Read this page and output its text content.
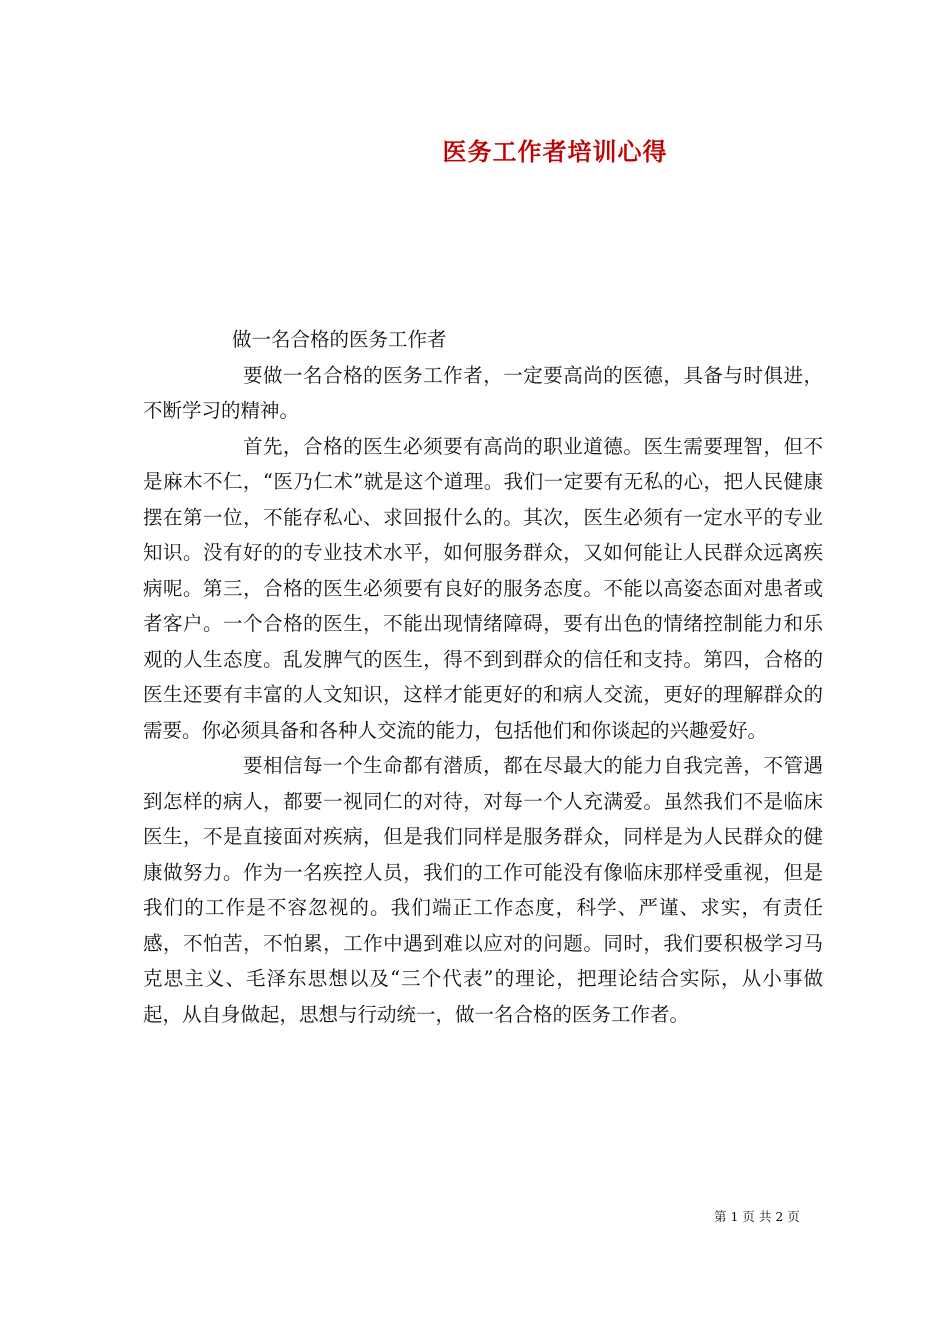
医务工作者培训心得

做一名合格的医务工作者

要做一名合格的医务工作者，一定要高尚的医德，具备与时俱进，不断学习的精神。

首先，合格的医生必须要有高尚的职业道德。医生需要理智，但不是麻木不仁，“医乃仁术”就是这个道理。我们一定要有无私的心，把人民健康摆在第一位，不能存私心、求回报什么的。其次，医生必须有一定水平的专业知识。没有好的的专业技术水平，如何服务群众，又如何能让人民群众远离疾病呢。第三，合格的医生必须要有良好的服务态度。不能以高姿态面对患者或者客户。一个合格的医生，不能出现情绪障碍，要有出色的情绪控制能力和乐观的人生态度。乱发脾气的医生，得不到到群众的信任和支持。第四，合格的医生还要有丰富的人文知识，这样才能更好的和病人交流，更好的理解群众的需要。你必须具备和各种人交流的能力，包括他们和你谈起的兴趣爱好。

要相信每一个生命都有潜质，都在尽最大的能力自我完善，不管遇到怎样的病人，都要一视同仁的对待，对每一个人充满爱。虽然我们不是临床医生，不是直接面对疾病，但是我们同样是服务群众，同样是为人民群众的健康做努力。作为一名疾控人员，我们的工作可能没有像临床那样受重视，但是我们的工作是不容忽视的。我们端正工作态度，科学、严谨、求实，有责任感，不怕苦，不怕累，工作中遇到难以应对的问题。同时，我们要积极学习马克思主义、毛泽东思想以及“三个代表”的理论，把理论结合实际，从小事做起，从自身做起，思想与行动统一，做一名合格的医务工作者。

第 1 页 共 2 页
